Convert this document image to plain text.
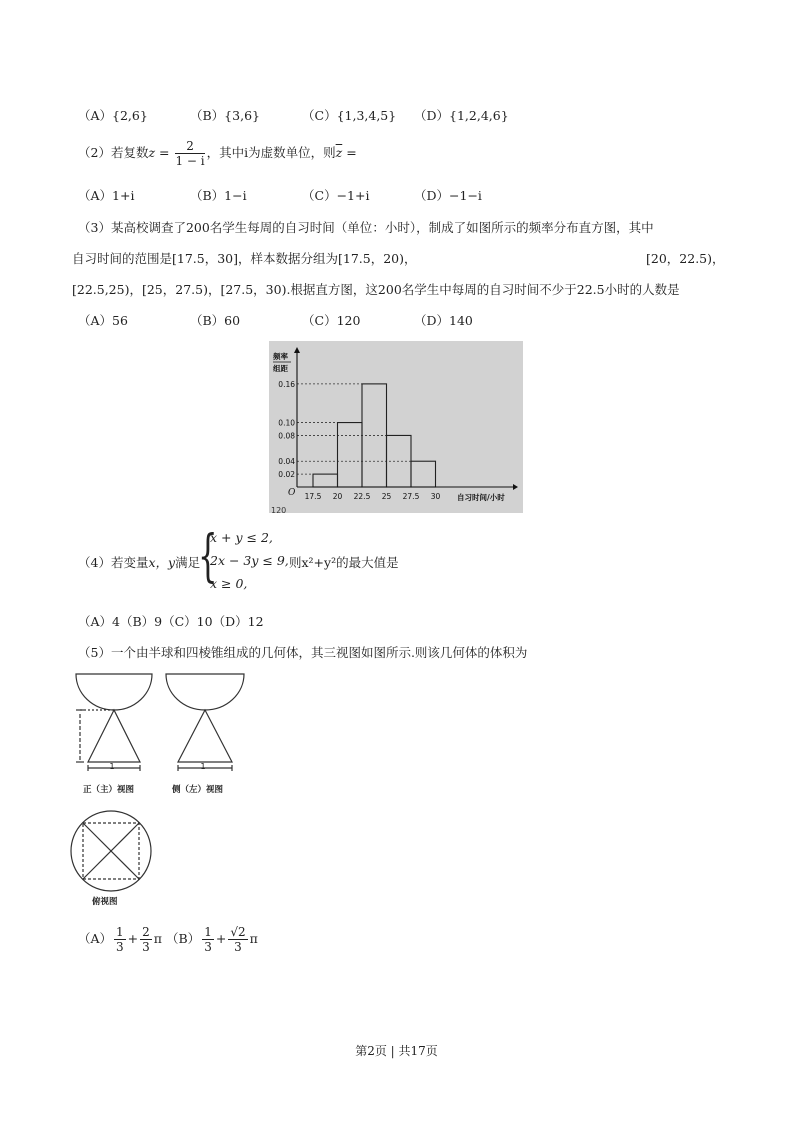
（A）{2,6}	（B）{3,6}	（C）{1,3,4,5} （D）{1,2,4,6}
（2）若复数$z = \frac{2}{1 - i}$ ，其中i为虚数单位，则$\overline{z}$ =
（A）1+i	（B）1−i	（C）−1+i	（D）−1−i
（3）某高校调查了200名学生每周的自习时间（单位：小时），制成了如图所示的频率分布直方图，其中
自习时间的范围是[17.5，30]，样本数据分组为[17.5，20)，	[20，22.5)，
[22.5,25)，[25，27.5)，[27.5，30).根据直方图，这200名学生中每周的自习时间不少于22.5小时的人数是
（A）56	（B）60	（C）120	（D）140
0.16
0.10
0.08
0.04
0.02
17.5 20 22.5 25 27.5 30
频率
组距
O	自习时间/小时
120
（4）若变量x，y满足
{
x + y ≤ 2,
2x − 3y ≤ 9,
x ≥ 0,
则x²+y²的最大值是
（A）4（B）9（C）10（D）12
（5）一个由半球和四棱锥组成的几何体，其三视图如图所示.则该几何体的体积为
1	1
正（主）视图	侧（左）视图
俯视图
$(A) \frac{1}{3} + \frac{2}{3}$ π $(B) \frac{1}{3} + \frac{√2}{3}$ π
第2页 | 共17页
